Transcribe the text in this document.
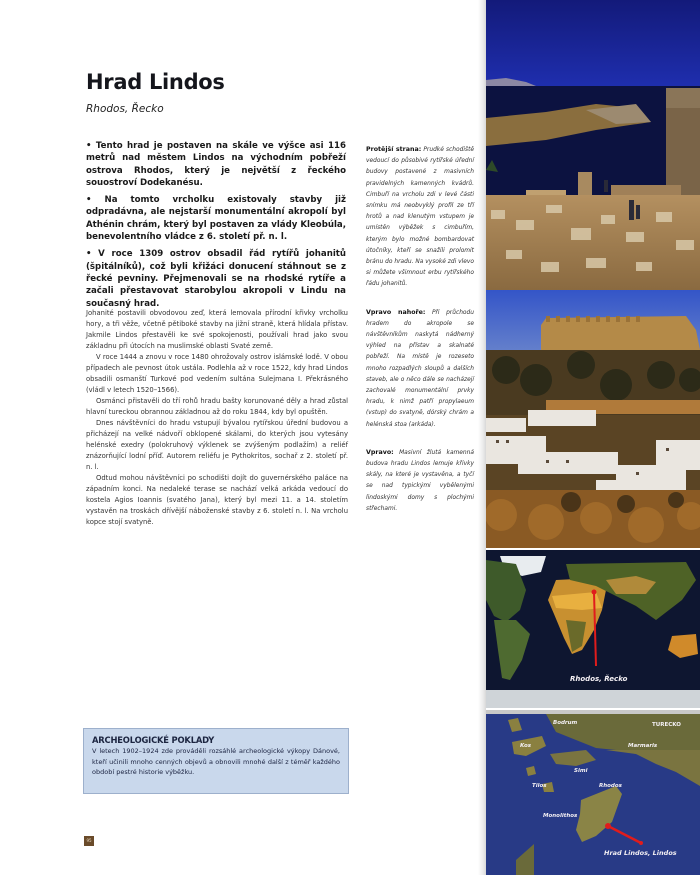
Hrad Lindos
Rhodos, Řecko

• Tento hrad je postaven na skále ve výšce asi 116 metrů nad městem Lindos na východním pobřeží ostrova Rhodos, který je největší z řeckého souostroví Dodekanésu.

• Na tomto vrcholku existovaly stavby již odpradávna, ale nejstarší monumentální akropolí byl Athénin chrám, který byl postaven za vlády Kleobúla, benevolentního vládce z 6. století př. n. l.

• V roce 1309 ostrov obsadil řád rytířů johanitů (špitálníků), což byli křižáci donucení stáhnout se z řecké pevniny. Přejmenovali se na rhodské rytíře a začali přestavovat starobylou akropoli v Lindu na současný hrad.

Johanité postavili obvodovou zeď, která lemovala přírodní křivky vrcholku hory, a tři věže, včetně pětiboké stavby na jižní straně, která hlídala přístav. Jakmile Lindos přestavěli ke své spokojenosti, používali hrad jako svou základnu při útocích na muslimské oblasti Svaté země.

V roce 1444 a znovu v roce 1480 ohrožovaly ostrov islámské lodě. V obou případech ale pevnost útok ustála. Podlehla až v roce 1522, kdy hrad Lindos obsadili osmanští Turkové pod vedením sultána Sulejmana I. Překrásného (vládl v letech 1520–1566).

Osmánci přistavěli do tří rohů hradu bašty korunované děly a hrad zůstal hlavní tureckou obrannou základnou až do roku 1844, kdy byl opuštěn.

Dnes návštěvníci do hradu vstupují bývalou rytířskou úřední budovou a přicházejí na velké nádvoří obklopené skálami, do kterých jsou vytesány helénské exedry (polokruhový výklenek se zvýšeným podlažím) a reliéf znázorňující lodní příď. Autorem reliéfu je Pythokritos, sochař z 2. století př. n. l.

Odtud mohou návštěvníci po schodišti dojít do guvernérského paláce na západním konci. Na nedaleké terase se nachází velká arkáda vedoucí do kostela Agios Ioannis (svatého Jana), který byl mezi 11. a 14. stoletím vystavěn na troskách dřívější náboženské stavby z 6. století n. l. Na vrcholu kopce stojí svatyně.

Protější strana: Prudké schodiště vedoucí do působivé rytířské úřední budovy postavené z masivních pravidelných kamenných kvádrů. Cimbuří na vrcholu zdi v levé části snímku má neobvyklý profil ze tří hrotů a nad klenutým vstupem je umístěn výběžek s cimbuřím, kterým bylo možné bombardovat útočníky, kteří se snažili prolomit bránu do hradu. Na vysoké zdi vlevo si můžete všimnout erbu rytířského řádu johanitů.
Vpravo nahoře: Při průchodu hradem do akropole se návštěvníkům naskytá nádherný výhled na přístav a skalnaté pobřeží. Na místě je rozeseto mnoho rozpadlých sloupů a dalších staveb, ale o něco dále se nacházejí zachovalé monumentální prvky hradu, k nimž patří propylaeum (vstup) do svatyně, dórský chrám a helénská stoa (arkáda).
Vpravo: Masivní žlutá kamenná budova hradu Lindos lemuje křivky skály, na které je vystavěna, a tyčí se nad typickými vybělenými lindoskými domy s plochými střechami.
ARCHEOLOGICKÉ POKLADY
V letech 1902–1924 zde prováděli rozsáhlé archeologické výkopy Dánové, kteří učinili mnoho cenných objevů a obnovili mnohé další z téměř každého období pestré historie výběžku.
95
Rhodos, Řecko
Bodrum	TURECKO
Kos	Marmaris
Simi
Tilos	Rhodos
Monolithos
Hrad Lindos, Lindos
